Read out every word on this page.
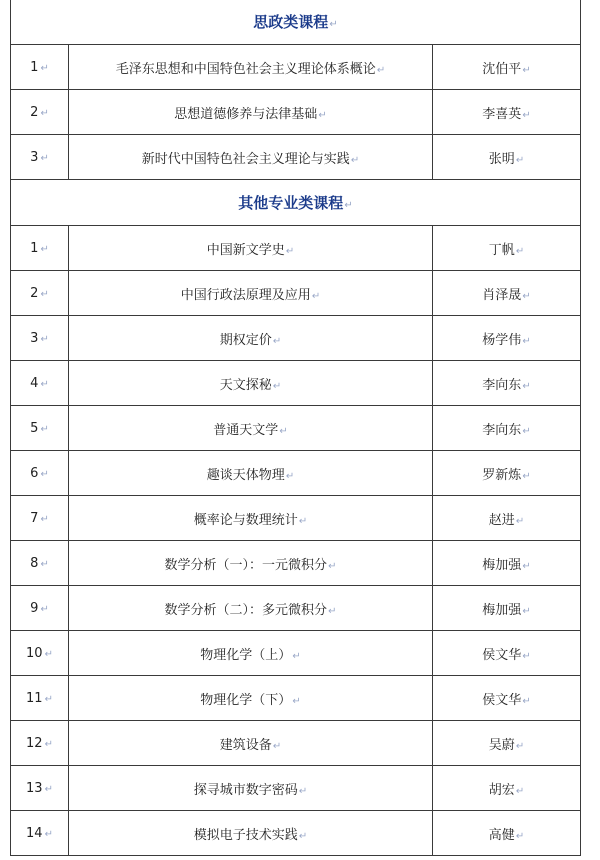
思政类课程↵		
1 ↵	毛泽东思想和中国特色社会主义理论体系概论↵	沈伯平↵
2 ↵	思想道德修养与法律基础↵	李喜英↵
3 ↵	新时代中国特色社会主义理论与实践↵	张明↵
其他专业类课程↵		
1 ↵	中国新文学史↵	丁帆↵
2 ↵	中国行政法原理及应用↵	肖泽晟↵
3 ↵	期权定价↵	杨学伟↵
4 ↵	天文探秘↵	李向东↵
5 ↵	普通天文学↵	李向东↵
6 ↵	趣谈天体物理↵	罗新炼↵
7 ↵	概率论与数理统计↵	赵进↵
8 ↵	数学分析（一）：一元微积分↵	梅加强↵
9 ↵	数学分析（二）：多元微积分↵	梅加强↵
10 ↵	物理化学（上）↵	侯文华↵
11 ↵	物理化学（下）↵	侯文华↵
12 ↵	建筑设备↵	吴蔚↵
13 ↵	探寻城市数字密码↵	胡宏↵
14 ↵	模拟电子技术实践↵	高健↵
